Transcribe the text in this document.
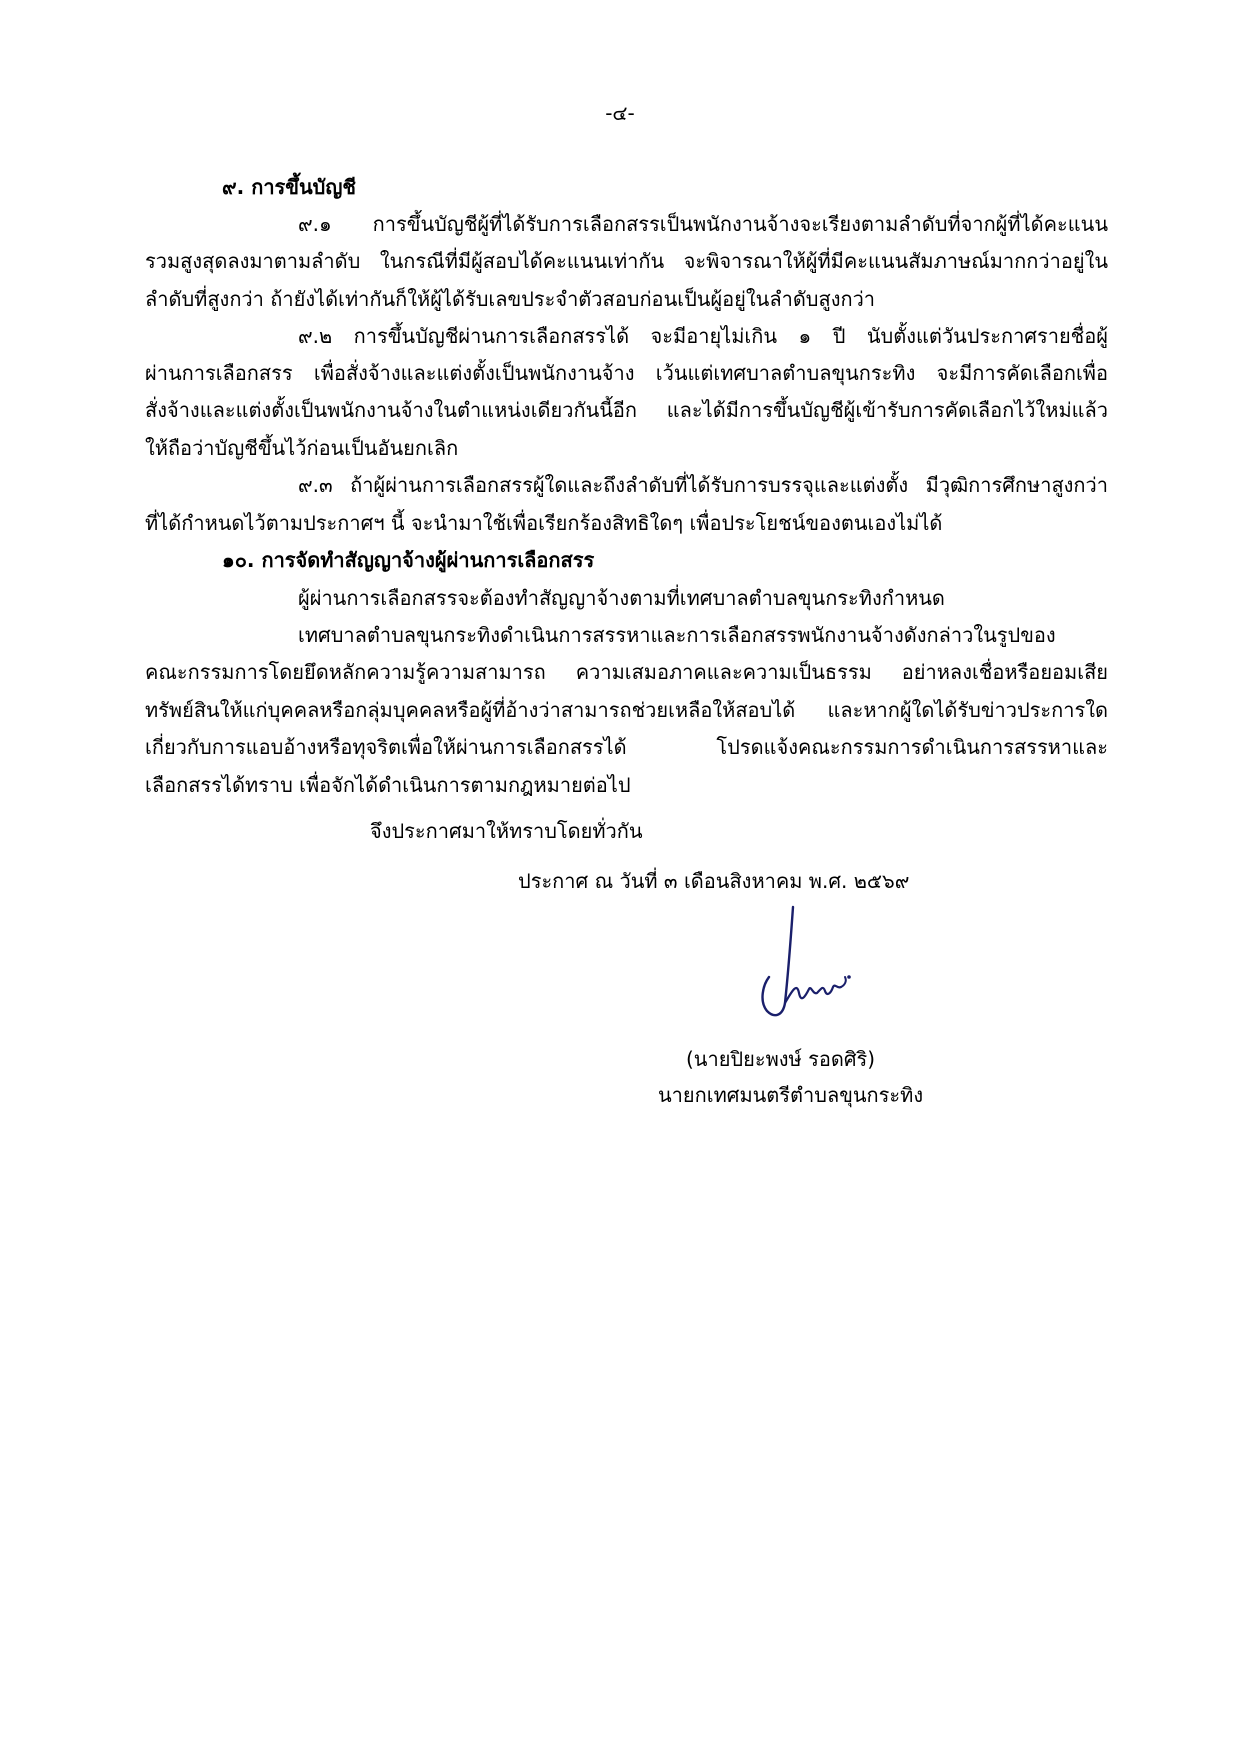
-๔-
๙. การขึ้นบัญชี
๙.๑ การขึ้นบัญชีผู้ที่ได้รับการเลือกสรรเป็นพนักงานจ้างจะเรียงตามลำดับที่จากผู้ที่ได้คะแนน
รวมสูงสุดลงมาตามลำดับ ในกรณีที่มีผู้สอบได้คะแนนเท่ากัน จะพิจารณาให้ผู้ที่มีคะแนนสัมภาษณ์มากกว่าอยู่ใน
ลำดับที่สูงกว่า ถ้ายังได้เท่ากันก็ให้ผู้ได้รับเลขประจำตัวสอบก่อนเป็นผู้อยู่ในลำดับสูงกว่า
๙.๒ การขึ้นบัญชีผ่านการเลือกสรรได้ จะมีอายุไม่เกิน ๑ ปี นับตั้งแต่วันประกาศรายชื่อผู้
ผ่านการเลือกสรร เพื่อสั่งจ้างและแต่งตั้งเป็นพนักงานจ้าง เว้นแต่เทศบาลตำบลขุนกระทิง จะมีการคัดเลือกเพื่อ
สั่งจ้างและแต่งตั้งเป็นพนักงานจ้างในตำแหน่งเดียวกันนี้อีก และได้มีการขึ้นบัญชีผู้เข้ารับการคัดเลือกไว้ใหม่แล้ว
ให้ถือว่าบัญชีขึ้นไว้ก่อนเป็นอันยกเลิก
๙.๓ ถ้าผู้ผ่านการเลือกสรรผู้ใดและถึงลำดับที่ได้รับการบรรจุและแต่งตั้ง มีวุฒิการศึกษาสูงกว่า
ที่ได้กำหนดไว้ตามประกาศฯ นี้ จะนำมาใช้เพื่อเรียกร้องสิทธิใดๆ เพื่อประโยชน์ของตนเองไม่ได้
๑๐. การจัดทำสัญญาจ้างผู้ผ่านการเลือกสรร
ผู้ผ่านการเลือกสรรจะต้องทำสัญญาจ้างตามที่เทศบาลตำบลขุนกระทิงกำหนด
เทศบาลตำบลขุนกระทิงดำเนินการสรรหาและการเลือกสรรพนักงานจ้างดังกล่าวในรูปของ
คณะกรรมการโดยยึดหลักความรู้ความสามารถ ความเสมอภาคและความเป็นธรรม อย่าหลงเชื่อหรือยอมเสีย
ทรัพย์สินให้แก่บุคคลหรือกลุ่มบุคคลหรือผู้ที่อ้างว่าสามารถช่วยเหลือให้สอบได้ และหากผู้ใดได้รับข่าวประการใด
เกี่ยวกับการแอบอ้างหรือทุจริตเพื่อให้ผ่านการเลือกสรรได้ โปรดแจ้งคณะกรรมการดำเนินการสรรหาและ
เลือกสรรได้ทราบ เพื่อจักได้ดำเนินการตามกฎหมายต่อไป
จึงประกาศมาให้ทราบโดยทั่วกัน
ประกาศ ณ วันที่ ๓ เดือนสิงหาคม พ.ศ. ๒๕๖๙
(นายปิยะพงษ์ รอดศิริ)
นายกเทศมนตรีตำบลขุนกระทิง
